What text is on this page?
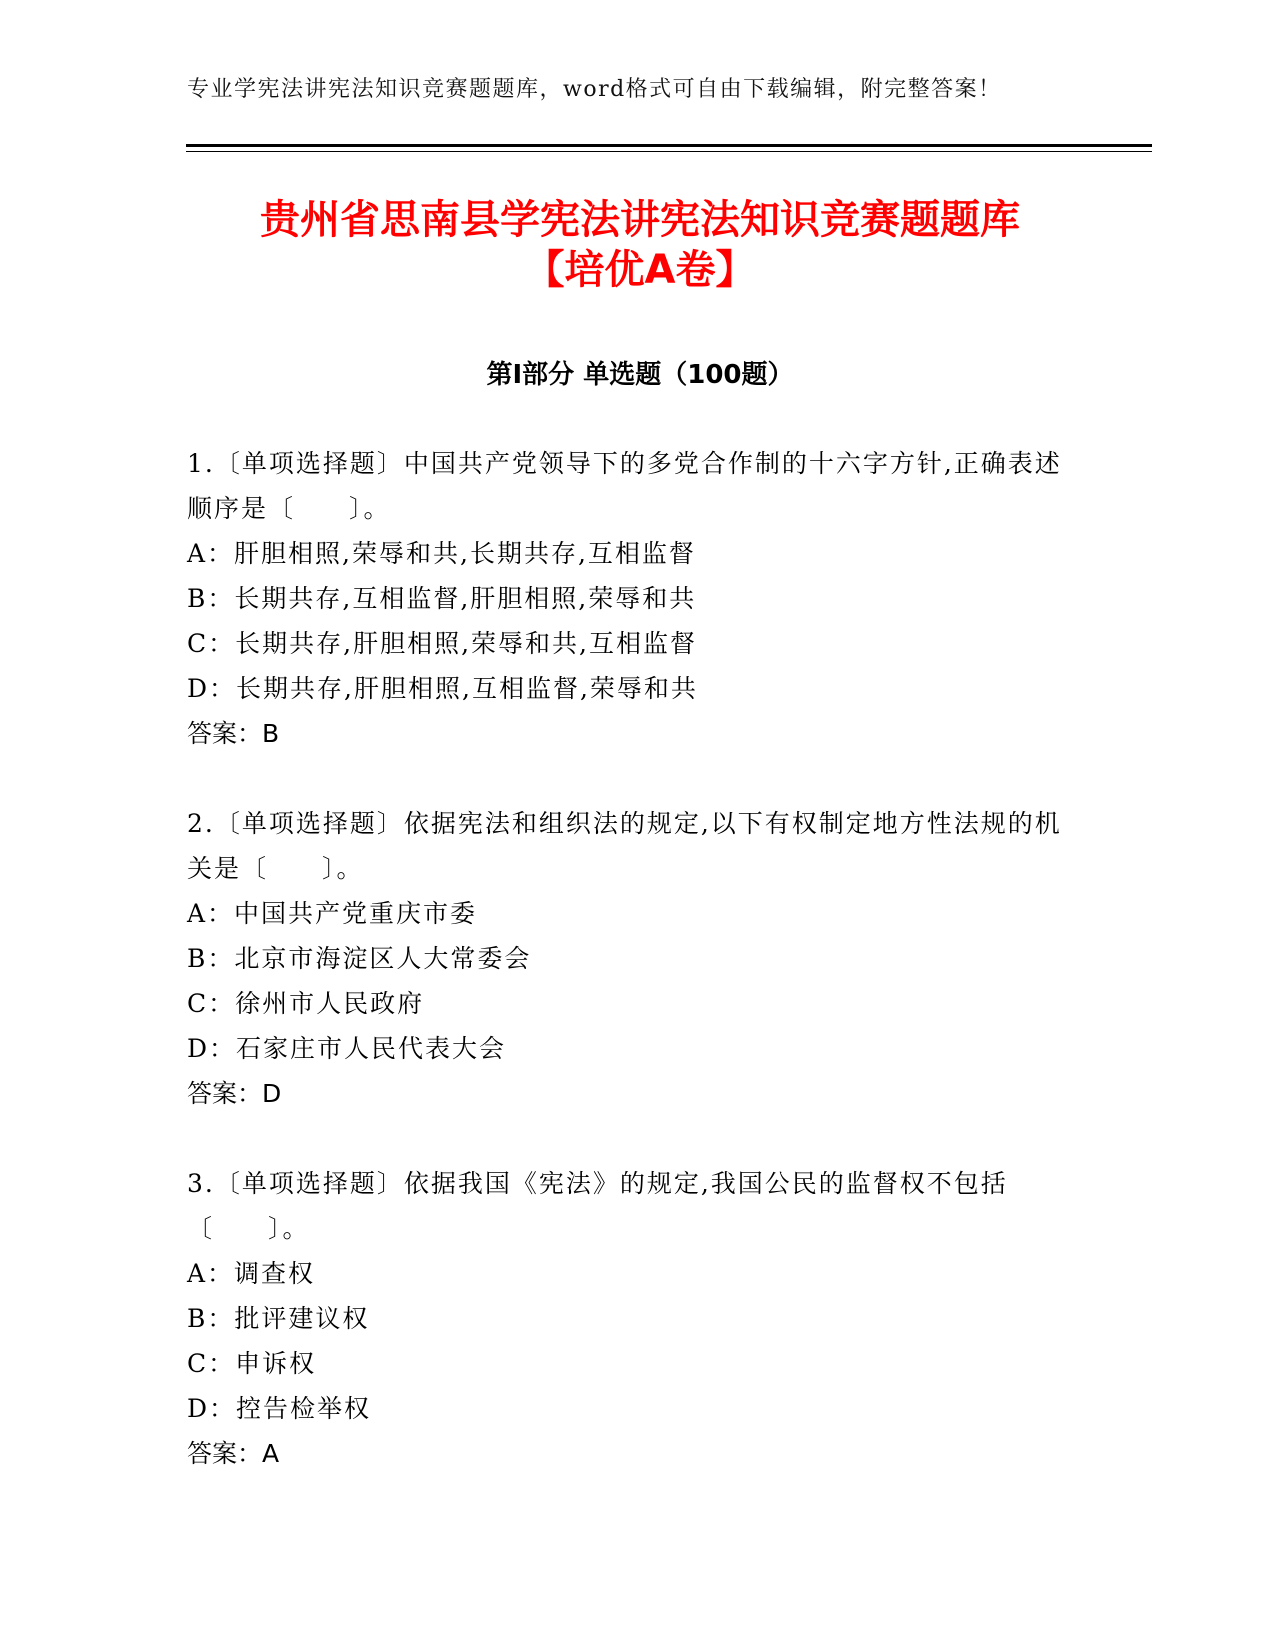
专业学宪法讲宪法知识竞赛题题库，word格式可自由下载编辑，附完整答案！
贵州省思南县学宪法讲宪法知识竞赛题题库
【培优A卷】
第Ⅰ部分 单选题（100题）

1.〔单项选择题〕中国共产党领导下的多党合作制的十六字方针,正确表述顺序是〔　　〕。

A：肝胆相照,荣辱和共,长期共存,互相监督

B：长期共存,互相监督,肝胆相照,荣辱和共

C：长期共存,肝胆相照,荣辱和共,互相监督

D：长期共存,肝胆相照,互相监督,荣辱和共

答案：B

2.〔单项选择题〕依据宪法和组织法的规定,以下有权制定地方性法规的机关是〔　　〕。

A：中国共产党重庆市委

B：北京市海淀区人大常委会

C：徐州市人民政府

D：石家庄市人民代表大会

答案：D

3.〔单项选择题〕依据我国《宪法》的规定,我国公民的监督权不包括〔　　〕。

A：调查权

B：批评建议权

C：申诉权

D：控告检举权

答案：A
